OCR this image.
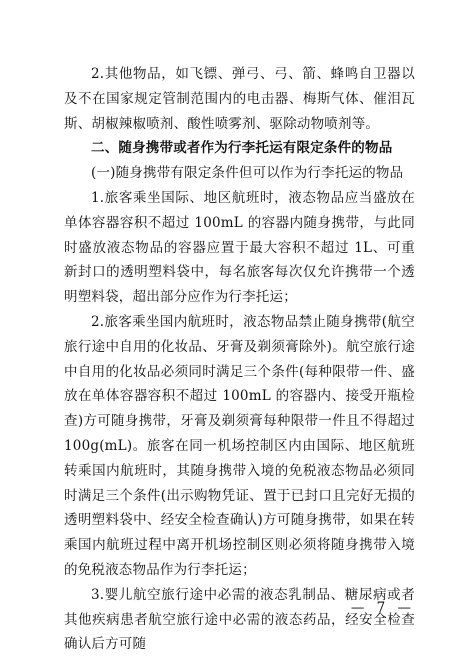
2.其他物品，如飞镖、弹弓、弓、箭、蜂鸣自卫器以及不在国家规定管制范围内的电击器、梅斯气体、催泪瓦斯、胡椒辣椒喷剂、酸性喷雾剂、驱除动物喷剂等。

二、随身携带或者作为行李托运有限定条件的物品

(一)随身携带有限定条件但可以作为行李托运的物品

1.旅客乘坐国际、地区航班时，液态物品应当盛放在单体容器容积不超过 100mL 的容器内随身携带，与此同时盛放液态物品的容器应置于最大容积不超过 1L、可重新封口的透明塑料袋中，每名旅客每次仅允许携带一个透明塑料袋，超出部分应作为行李托运；

2.旅客乘坐国内航班时，液态物品禁止随身携带(航空旅行途中自用的化妆品、牙膏及剃须膏除外)。航空旅行途中自用的化妆品必须同时满足三个条件(每种限带一件、盛放在单体容器容积不超过 100mL 的容器内、接受开瓶检查)方可随身携带，牙膏及剃须膏每种限带一件且不得超过 100g(mL)。旅客在同一机场控制区内由国际、地区航班转乘国内航班时，其随身携带入境的免税液态物品必须同时满足三个条件(出示购物凭证、置于已封口且完好无损的透明塑料袋中、经安全检查确认)方可随身携带，如果在转乘国内航班过程中离开机场控制区则必须将随身携带入境的免税液态物品作为行李托运；

3.婴儿航空旅行途中必需的液态乳制品、糖尿病或者其他疾病患者航空旅行途中必需的液态药品，经安全检查确认后方可随

— 7 —
